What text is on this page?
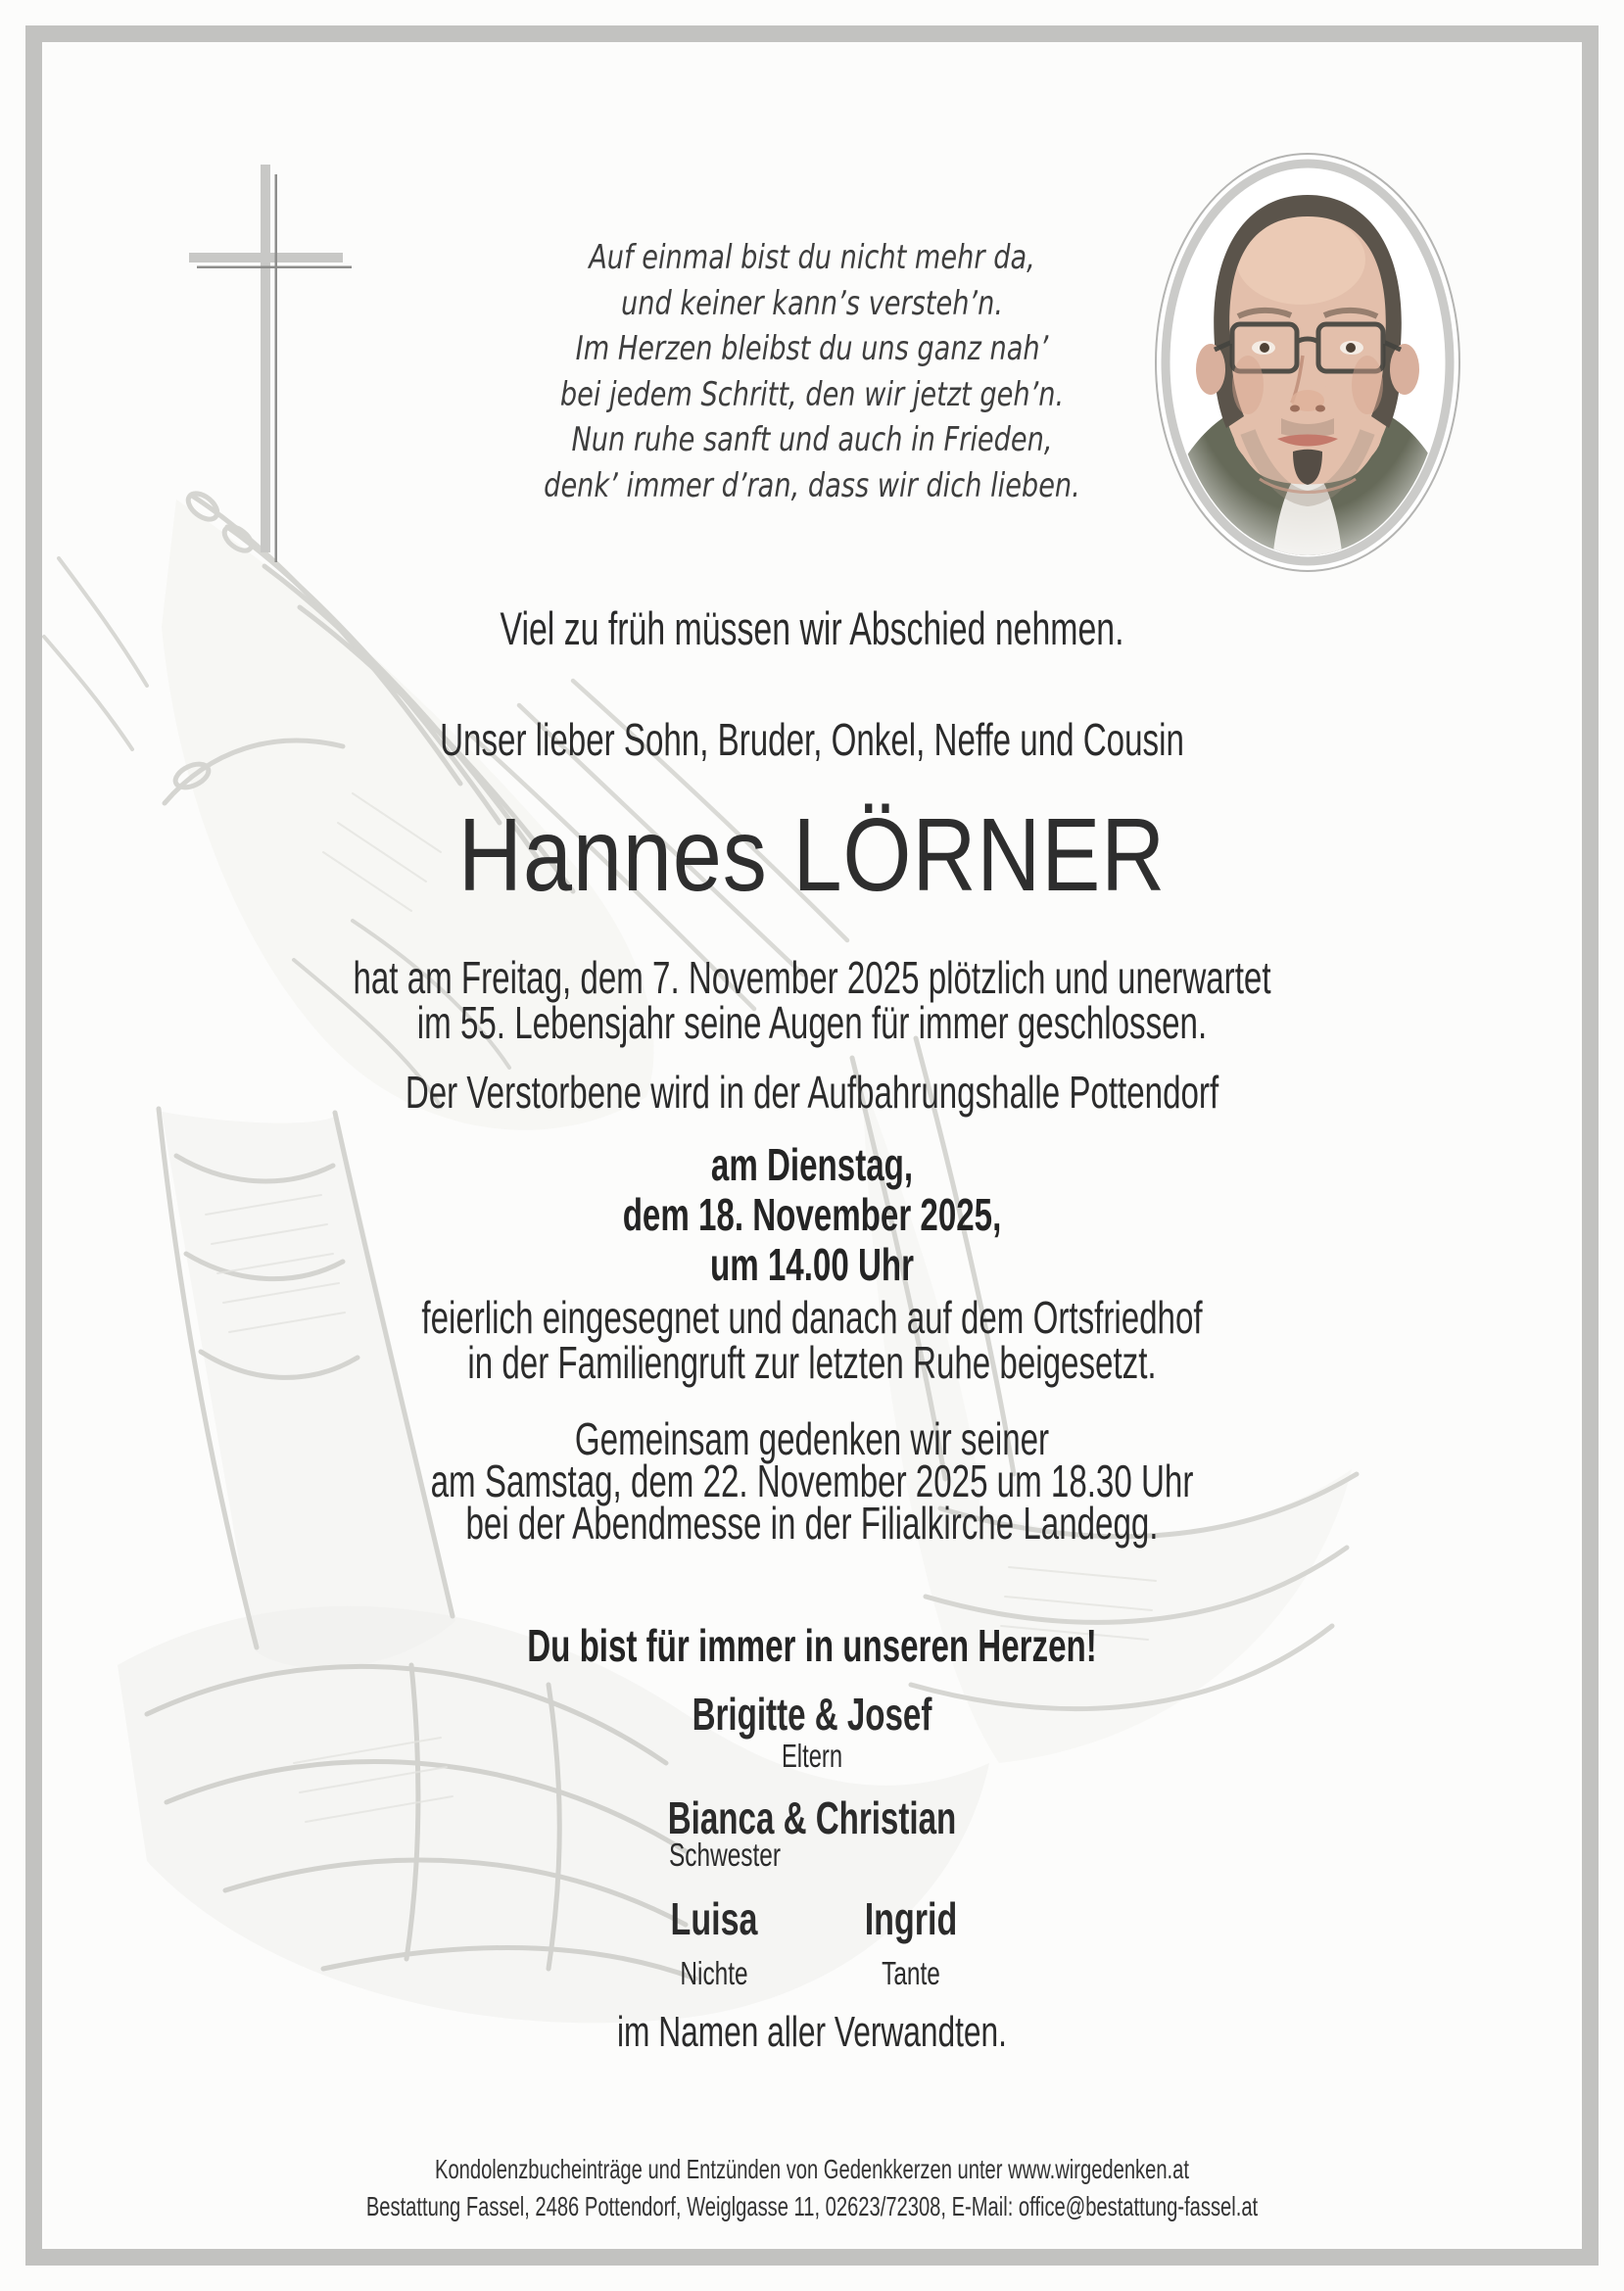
Auf einmal bist du nicht mehr da,
und keiner kann’s versteh’n.
Im Herzen bleibst du uns ganz nah’
bei jedem Schritt, den wir jetzt geh’n.
Nun ruhe sanft und auch in Frieden,
denk’ immer d’ran, dass wir dich lieben.
Viel zu früh müssen wir Abschied nehmen.
Unser lieber Sohn, Bruder, Onkel, Neffe und Cousin
Hannes LÖRNER
hat am Freitag, dem 7. November 2025 plötzlich und unerwartet
im 55. Lebensjahr seine Augen für immer geschlossen.
Der Verstorbene wird in der Aufbahrungshalle Pottendorf
am Dienstag,
dem 18. November 2025,
um 14.00 Uhr
feierlich eingesegnet und danach auf dem Ortsfriedhof
in der Familiengruft zur letzten Ruhe beigesetzt.
Gemeinsam gedenken wir seiner
am Samstag, dem 22. November 2025 um 18.30 Uhr
bei der Abendmesse in der Filialkirche Landegg.
Du bist für immer in unseren Herzen!
Brigitte & Josef
Eltern
Bianca & Christian
Schwester
Luisa
Nichte
Ingrid
Tante
im Namen aller Verwandten.
Kondolenzbucheinträge und Entzünden von Gedenkkerzen unter www.wirgedenken.at
Bestattung Fassel, 2486 Pottendorf, Weiglgasse 11, 02623/72308, E-Mail: office@bestattung-fassel.at
